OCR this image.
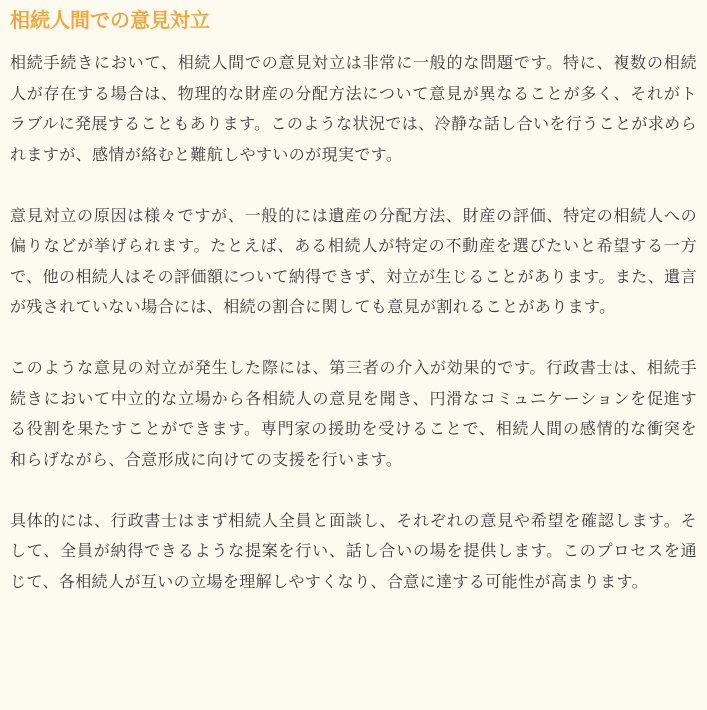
相続人間での意見対立

相続手続きにおいて、相続人間での意見対立は非常に一般的な問題です。特に、複数の相続人が存在する場合は、物理的な財産の分配方法について意見が異なることが多く、それがトラブルに発展することもあります。このような状況では、冷静な話し合いを行うことが求められますが、感情が絡むと難航しやすいのが現実です。

意見対立の原因は様々ですが、一般的には遺産の分配方法、財産の評価、特定の相続人への偏りなどが挙げられます。たとえば、ある相続人が特定の不動産を選びたいと希望する一方で、他の相続人はその評価額について納得できず、対立が生じることがあります。また、遺言が残されていない場合には、相続の割合に関しても意見が割れることがあります。

このような意見の対立が発生した際には、第三者の介入が効果的です。行政書士は、相続手続きにおいて中立的な立場から各相続人の意見を聞き、円滑なコミュニケーションを促進する役割を果たすことができます。専門家の援助を受けることで、相続人間の感情的な衝突を和らげながら、合意形成に向けての支援を行います。

具体的には、行政書士はまず相続人全員と面談し、それぞれの意見や希望を確認します。そして、全員が納得できるような提案を行い、話し合いの場を提供します。このプロセスを通じて、各相続人が互いの立場を理解しやすくなり、合意に達する可能性が高まります。
